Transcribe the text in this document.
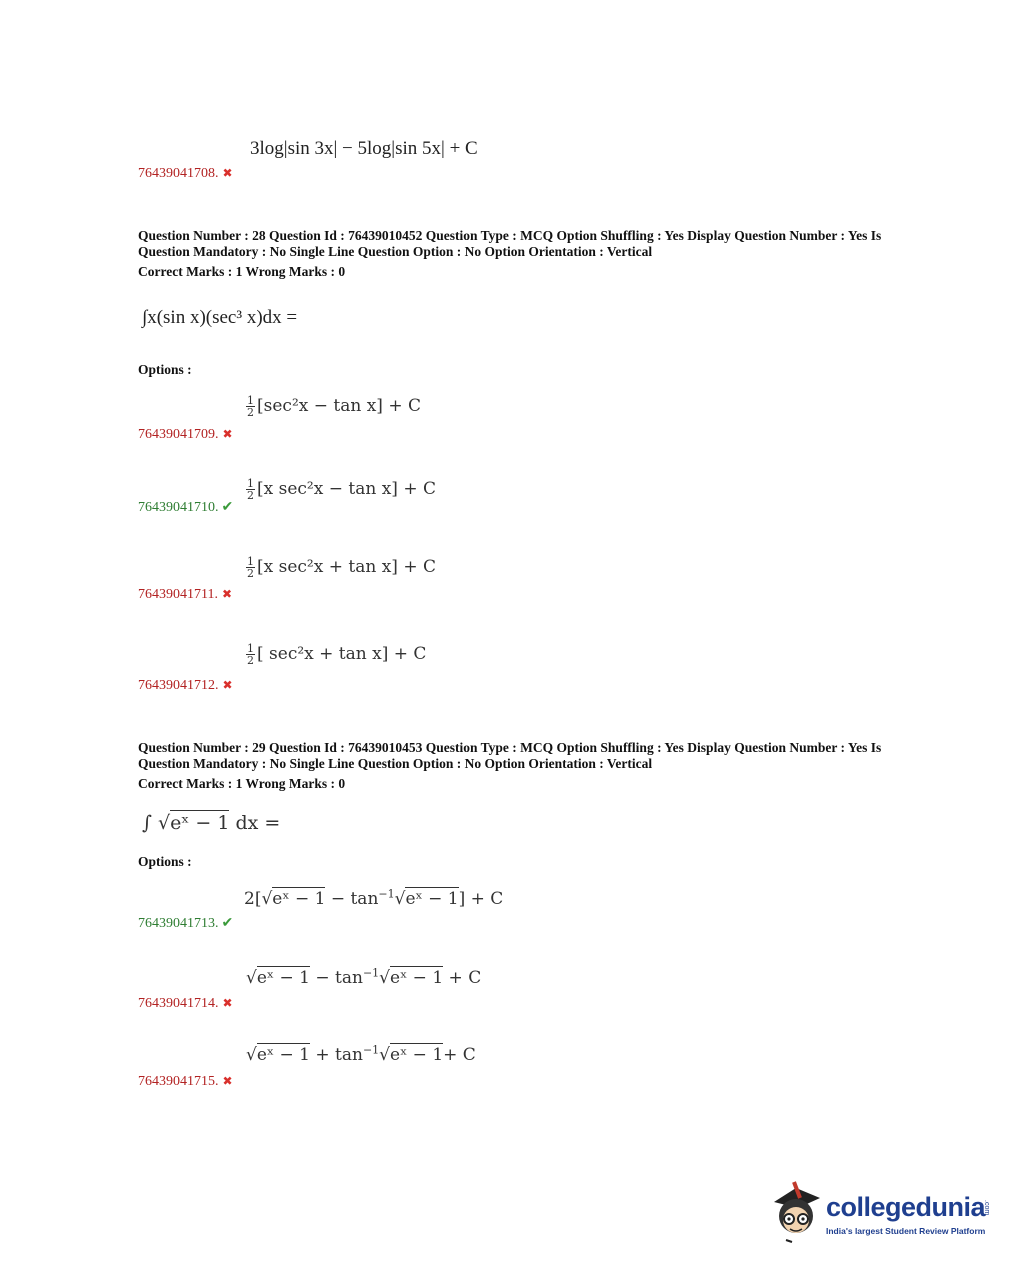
3log|sin 3x| − 5log|sin 5x| + C
76439041708. ✖
Question Number : 28 Question Id : 76439010452 Question Type : MCQ Option Shuffling : Yes Display Question Number : Yes Is Question Mandatory : No Single Line Question Option : No Option Orientation : Vertical
Correct Marks : 1 Wrong Marks : 0
∫x(sin x)(sec³ x)dx =
Options :
$\frac{1}{2} [\sec^2x - \tan x] + C$
76439041709. ✖
$\frac{1}{2} [x$ sec²x − tan x] + C
76439041710. ✔
$\frac{1}{2} [x$ sec²x + tan x] + C
76439041711. ✖
$\frac{1}{2}$ [ sec²x + tan x] + C
76439041712. ✖
Question Number : 29 Question Id : 76439010453 Question Type : MCQ Option Shuffling : Yes Display Question Number : Yes Is Question Mandatory : No Single Line Question Option : No Option Orientation : Vertical
Correct Marks : 1 Wrong Marks : 0
∫ √eˣ − 1 dx =
Options :
2[√eˣ − $1 - \tan^{-1}√eˣ - 1] + C$
76439041713. ✔
√eˣ − $1 - \tan^{-1}√eˣ - 1 + C$
76439041714. ✖
√eˣ − $1 + \tan^{-1}√eˣ - 1+ C$
76439041715. ✖
collegedunia
.com
India's largest Student Review Platform
